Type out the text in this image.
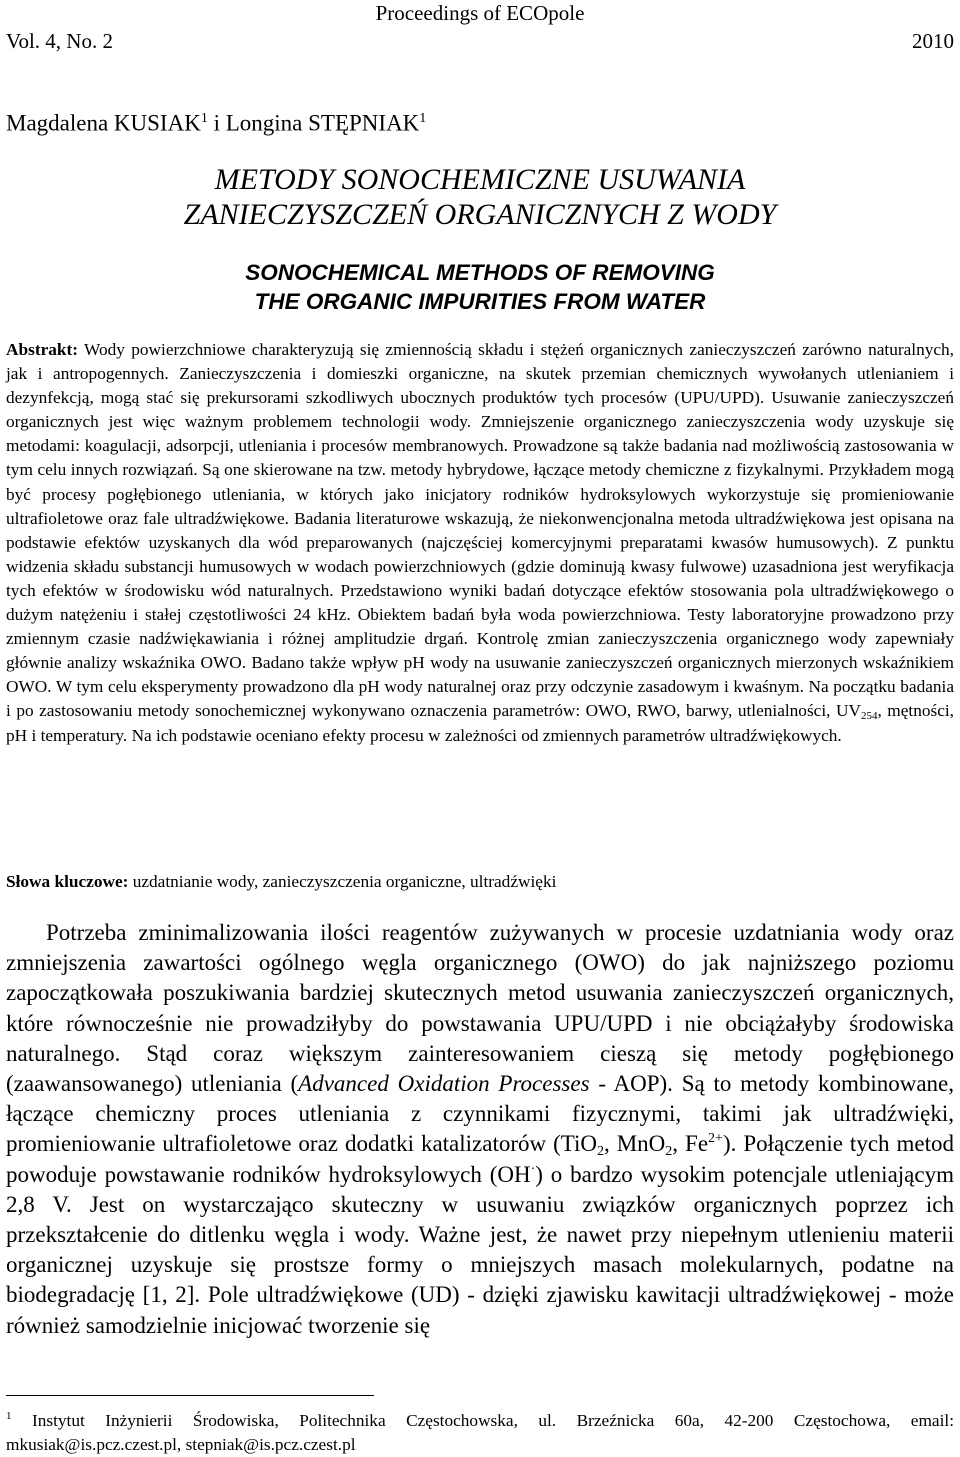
Proceedings of ECOpole
Vol. 4, No. 2	2010
Magdalena KUSIAK$^1$ i Longina STĘPNIAK$^1$
METODY SONOCHEMICZNE USUWANIA
ZANIECZYSZCZEŃ ORGANICZNYCH Z WODY
SONOCHEMICAL METHODS OF REMOVING
THE ORGANIC IMPURITIES FROM WATER
Abstrakt: Wody powierzchniowe charakteryzują się zmiennością składu i stężeń organicznych zanieczyszczeń zarówno naturalnych, jak i antropogennych. Zanieczyszczenia i domieszki organiczne, na skutek przemian chemicznych wywołanych utlenianiem i dezynfekcją, mogą stać się prekursorami szkodliwych ubocznych produktów tych procesów (UPU/UPD). Usuwanie zanieczyszczeń organicznych jest więc ważnym problemem technologii wody. Zmniejszenie organicznego zanieczyszczenia wody uzyskuje się metodami: koagulacji, adsorpcji, utleniania i procesów membranowych. Prowadzone są także badania nad możliwością zastosowania w tym celu innych rozwiązań. Są one skierowane na tzw. metody hybrydowe, łączące metody chemiczne z fizykalnymi. Przykładem mogą być procesy pogłębionego utleniania, w których jako inicjatory rodników hydroksylowych wykorzystuje się promieniowanie ultrafioletowe oraz fale ultradźwiękowe. Badania literaturowe wskazują, że niekonwencjonalna metoda ultradźwiękowa jest opisana na podstawie efektów uzyskanych dla wód preparowanych (najczęściej komercyjnymi preparatami kwasów humusowych). Z punktu widzenia składu substancji humusowych w wodach powierzchniowych (gdzie dominują kwasy fulwowe) uzasadniona jest weryfikacja tych efektów w środowisku wód naturalnych. Przedstawiono wyniki badań dotyczące efektów stosowania pola ultradźwiękowego o dużym natężeniu i stałej częstotliwości 24 kHz. Obiektem badań była woda powierzchniowa. Testy laboratoryjne prowadzono przy zmiennym czasie nadźwiękawiania i różnej amplitudzie drgań. Kontrolę zmian zanieczyszczenia organicznego wody zapewniały głównie analizy wskaźnika OWO. Badano także wpływ pH wody na usuwanie zanieczyszczeń organicznych mierzonych wskaźnikiem OWO. W tym celu eksperymenty prowadzono dla pH wody naturalnej oraz przy odczynie zasadowym i kwaśnym. Na początku badania i po zastosowaniu metody sonochemicznej wykonywano oznaczenia parametrów: OWO, RWO, barwy, utlenialności, $UV_{254}$, mętności, pH i temperatury. Na ich podstawie oceniano efekty procesu w zależności od zmiennych parametrów ultradźwiękowych.
Słowa kluczowe: uzdatnianie wody, zanieczyszczenia organiczne, ultradźwięki
Potrzeba zminimalizowania ilości reagentów zużywanych w procesie uzdatniania wody oraz zmniejszenia zawartości ogólnego węgla organicznego (OWO) do jak najniższego poziomu zapoczątkowała poszukiwania bardziej skutecznych metod usuwania zanieczyszczeń organicznych, które równocześnie nie prowadziłyby do powstawania UPU/UPD i nie obciążałyby środowiska naturalnego. Stąd coraz większym zainteresowaniem cieszą się metody pogłębionego (zaawansowanego) utleniania (Advanced Oxidation Processes - AOP). Są to metody kombinowane, łączące chemiczny proces utleniania z czynnikami fizycznymi, takimi jak ultradźwięki, promieniowanie ultrafioletowe oraz dodatki katalizatorów (TiO$_2$, MnO$_2$, $Fe^{2+}$). Połączenie tych metod powoduje powstawanie rodników hydroksylowych (OH·) o bardzo wysokim potencjale utleniającym 2,8 V. Jest on wystarczająco skuteczny w usuwaniu związków organicznych poprzez ich przekształcenie do ditlenku węgla i wody. Ważne jest, że nawet przy niepełnym utlenieniu materii organicznej uzyskuje się prostsze formy o mniejszych masach molekularnych, podatne na biodegradację [1, 2]. Pole ultradźwiękowe (UD) - dzięki zjawisku kawitacji ultradźwiękowej - może również samodzielnie inicjować tworzenie się
$^1$ Instytut Inżynierii Środowiska, Politechnika Częstochowska, ul. Brzeźnicka 60a, 42-200 Częstochowa, email: mkusiak@is.pcz.czest.pl, stepniak@is.pcz.czest.pl
